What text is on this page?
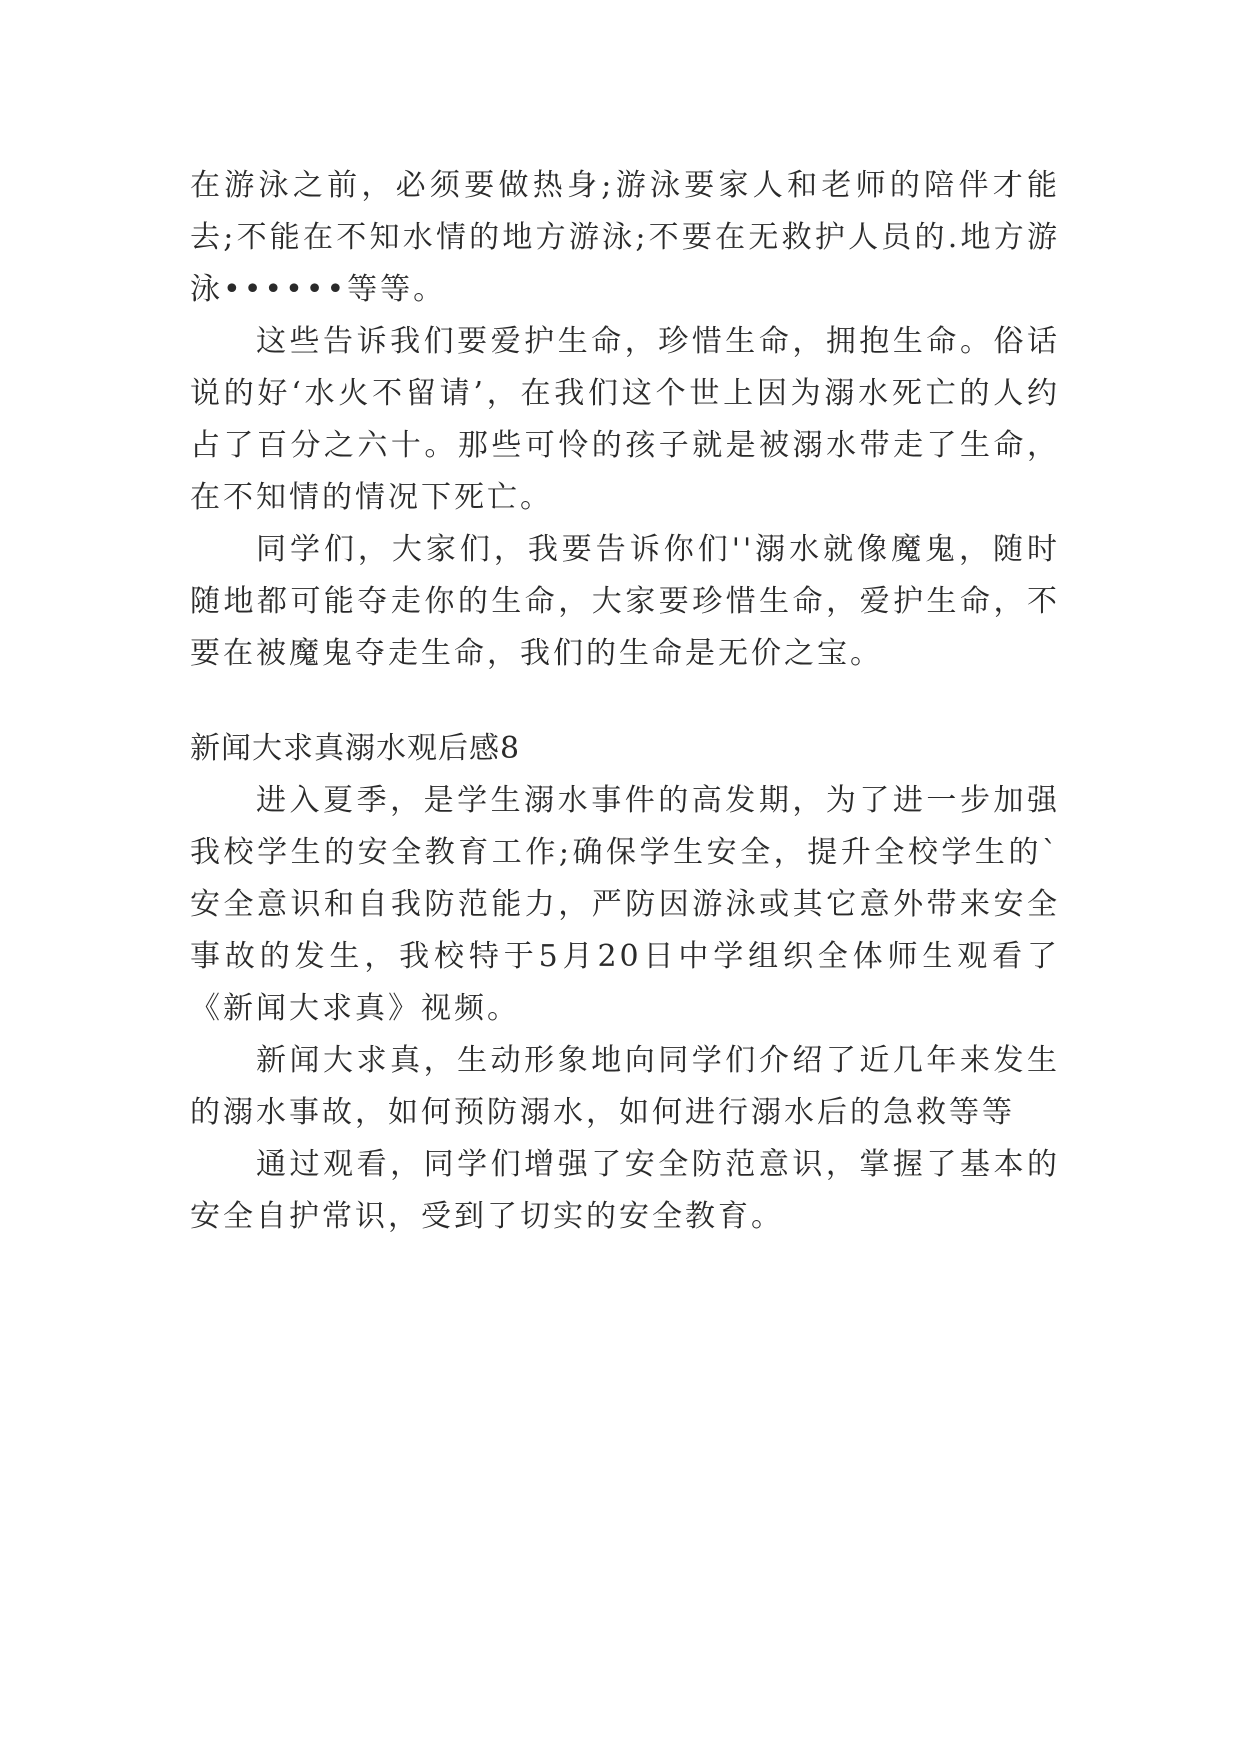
在游泳之前，必须要做热身;游泳要家人和老师的陪伴才能去;不能在不知水情的地方游泳;不要在无救护人员的.地方游泳••••••等等。

这些告诉我们要爱护生命，珍惜生命，拥抱生命。俗话说的好‘水火不留请’，在我们这个世上因为溺水死亡的人约占了百分之六十。那些可怜的孩子就是被溺水带走了生命，在不知情的情况下死亡。

同学们，大家们，我要告诉你们''溺水就像魔鬼，随时随地都可能夺走你的生命，大家要珍惜生命，爱护生命，不要在被魔鬼夺走生命，我们的生命是无价之宝。

新闻大求真溺水观后感8

进入夏季，是学生溺水事件的高发期，为了进一步加强我校学生的安全教育工作;确保学生安全，提升全校学生的`安全意识和自我防范能力，严防因游泳或其它意外带来安全事故的发生，我校特于5月20日中学组织全体师生观看了《新闻大求真》视频。

新闻大求真，生动形象地向同学们介绍了近几年来发生的溺水事故，如何预防溺水，如何进行溺水后的急救等等

通过观看，同学们增强了安全防范意识，掌握了基本的安全自护常识，受到了切实的安全教育。
